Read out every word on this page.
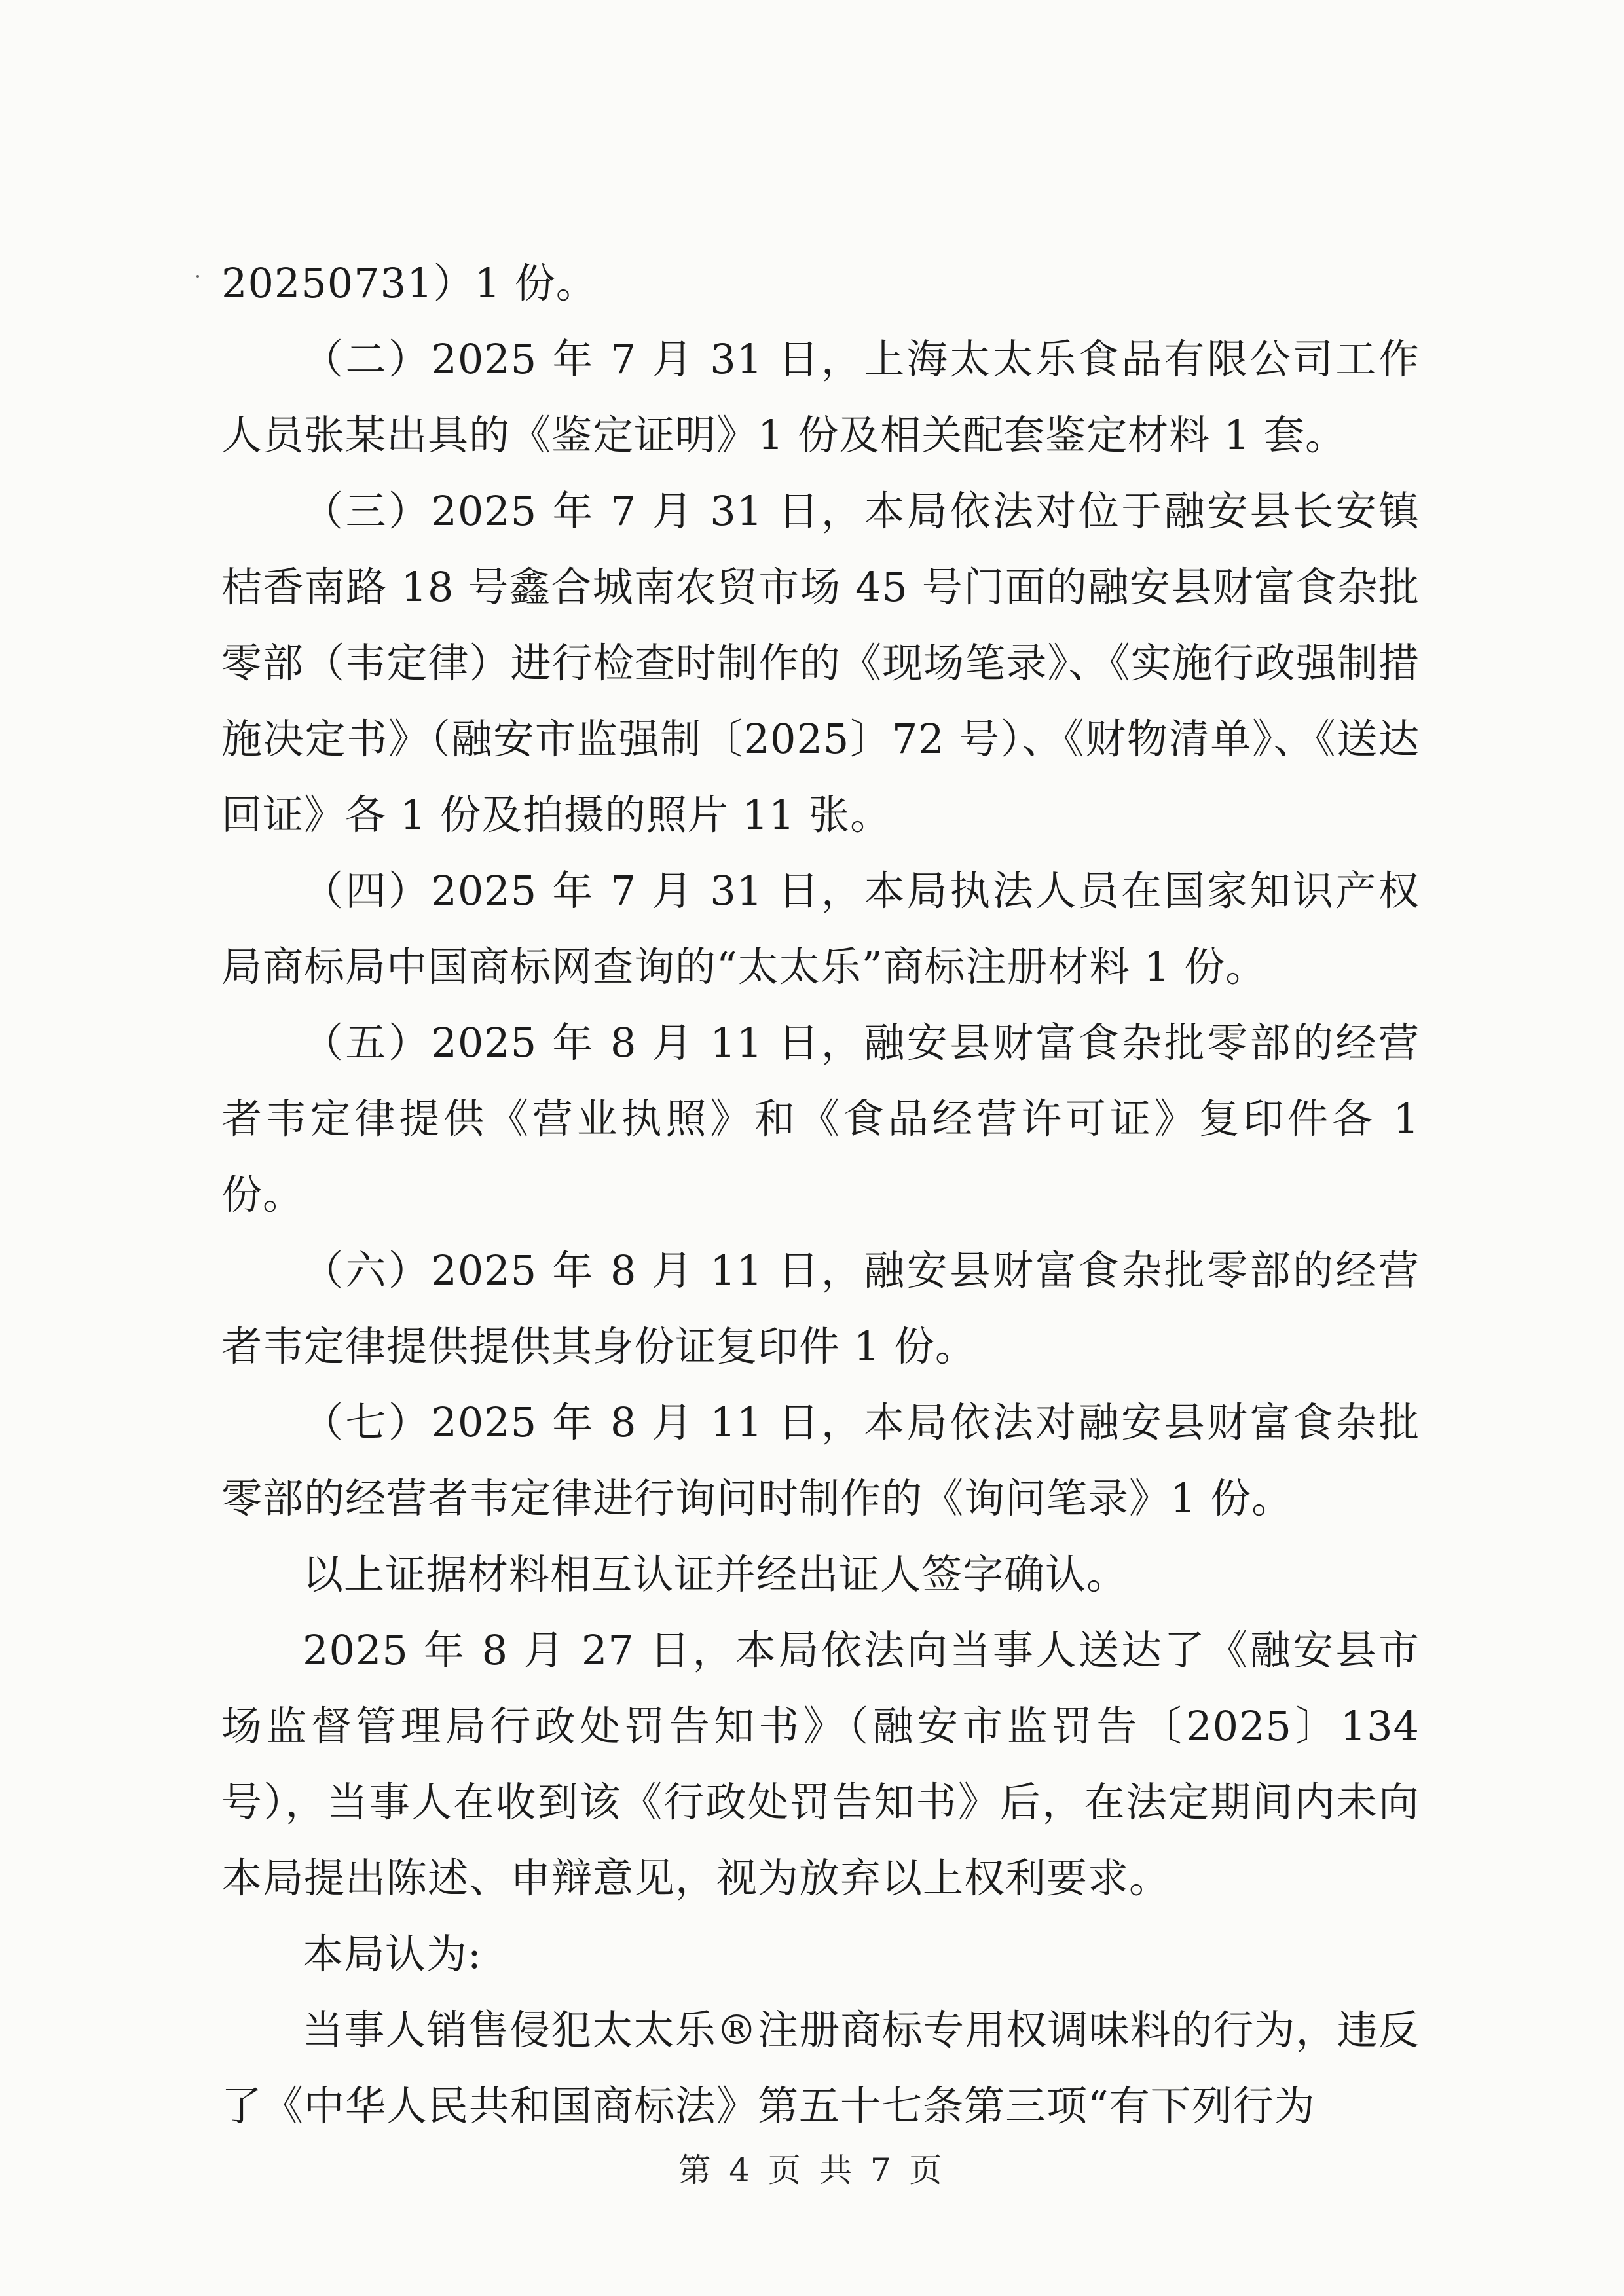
20250731）1 份。

（二）2025 年 7 月 31 日，上海太太乐食品有限公司工作人员张某出具的《鉴定证明》1 份及相关配套鉴定材料 1 套。

（三）2025 年 7 月 31 日，本局依法对位于融安县长安镇桔香南路 18 号鑫合城南农贸市场 45 号门面的融安县财富食杂批零部（韦定律）进行检查时制作的《现场笔录》、《实施行政强制措施决定书》（融安市监强制〔2025〕72 号）、《财物清单》、《送达回证》各 1 份及拍摄的照片 11 张。

（四）2025 年 7 月 31 日，本局执法人员在国家知识产权局商标局中国商标网查询的“太太乐”商标注册材料 1 份。

（五）2025 年 8 月 11 日，融安县财富食杂批零部的经营者韦定律提供《营业执照》和《食品经营许可证》复印件各 1 份。

（六）2025 年 8 月 11 日，融安县财富食杂批零部的经营者韦定律提供提供其身份证复印件 1 份。

（七）2025 年 8 月 11 日，本局依法对融安县财富食杂批零部的经营者韦定律进行询问时制作的《询问笔录》1 份。

以上证据材料相互认证并经出证人签字确认。

2025 年 8 月 27 日，本局依法向当事人送达了《融安县市场监督管理局行政处罚告知书》（融安市监罚告〔2025〕134 号），当事人在收到该《行政处罚告知书》后，在法定期间内未向本局提出陈述、申辩意见，视为放弃以上权利要求。

本局认为:

当事人销售侵犯太太乐®注册商标专用权调味料的行为，违反了《中华人民共和国商标法》第五十七条第三项“有下列行为

第 4 页 共 7 页
